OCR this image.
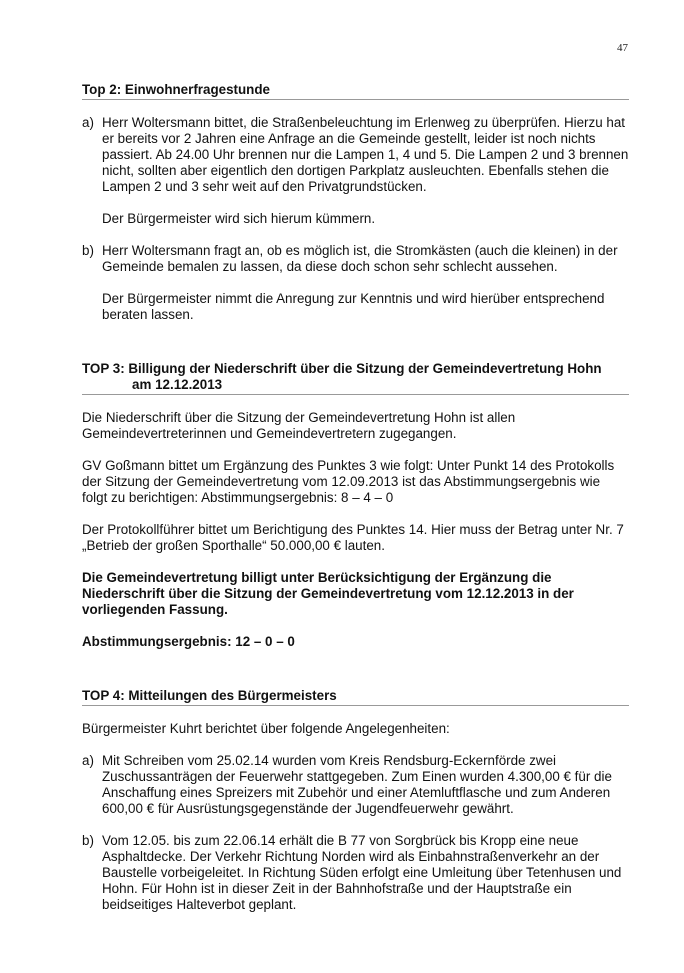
47
Top 2: Einwohnerfragestunde
a) Herr Woltersmann bittet, die Straßenbeleuchtung im Erlenweg zu überprüfen. Hierzu hat er bereits vor 2 Jahren eine Anfrage an die Gemeinde gestellt, leider ist noch nichts passiert. Ab 24.00 Uhr brennen nur die Lampen 1, 4 und 5. Die Lampen 2 und 3 brennen nicht, sollten aber eigentlich den dortigen Parkplatz ausleuchten. Ebenfalls stehen die Lampen 2 und 3 sehr weit auf den Privatgrundstücken.

Der Bürgermeister wird sich hierum kümmern.

b) Herr Woltersmann fragt an, ob es möglich ist, die Stromkästen (auch die kleinen) in der Gemeinde bemalen zu lassen, da diese doch schon sehr schlecht aussehen.

Der Bürgermeister nimmt die Anregung zur Kenntnis und wird hierüber entsprechend beraten lassen.

TOP 3: Billigung der Niederschrift über die Sitzung der Gemeindevertretung Hohn
am 12.12.2013

Die Niederschrift über die Sitzung der Gemeindevertretung Hohn ist allen Gemeindevertreterinnen und Gemeindevertretern zugegangen.

GV Goßmann bittet um Ergänzung des Punktes 3 wie folgt: Unter Punkt 14 des Protokolls der Sitzung der Gemeindevertretung vom 12.09.2013 ist das Abstimmungsergebnis wie folgt zu berichtigen: Abstimmungsergebnis: 8 – 4 – 0

Der Protokollführer bittet um Berichtigung des Punktes 14. Hier muss der Betrag unter Nr. 7 „Betrieb der großen Sporthalle“ 50.000,00 € lauten.

Die Gemeindevertretung billigt unter Berücksichtigung der Ergänzung die Niederschrift über die Sitzung der Gemeindevertretung vom 12.12.2013 in der vorliegenden Fassung.

Abstimmungsergebnis: 12 – 0 – 0

TOP 4: Mitteilungen des Bürgermeisters

Bürgermeister Kuhrt berichtet über folgende Angelegenheiten:

a) Mit Schreiben vom 25.02.14 wurden vom Kreis Rendsburg-Eckernförde zwei Zuschussanträgen der Feuerwehr stattgegeben. Zum Einen wurden 4.300,00 € für die Anschaffung eines Spreizers mit Zubehör und einer Atemluftflasche und zum Anderen 600,00 € für Ausrüstungsgegenstände der Jugendfeuerwehr gewährt.

b) Vom 12.05. bis zum 22.06.14 erhält die B 77 von Sorgbrück bis Kropp eine neue Asphaltdecke. Der Verkehr Richtung Norden wird als Einbahnstraßenverkehr an der Baustelle vorbeigeleitet. In Richtung Süden erfolgt eine Umleitung über Tetenhusen und Hohn. Für Hohn ist in dieser Zeit in der Bahnhofstraße und der Hauptstraße ein beidseitiges Halteverbot geplant.
